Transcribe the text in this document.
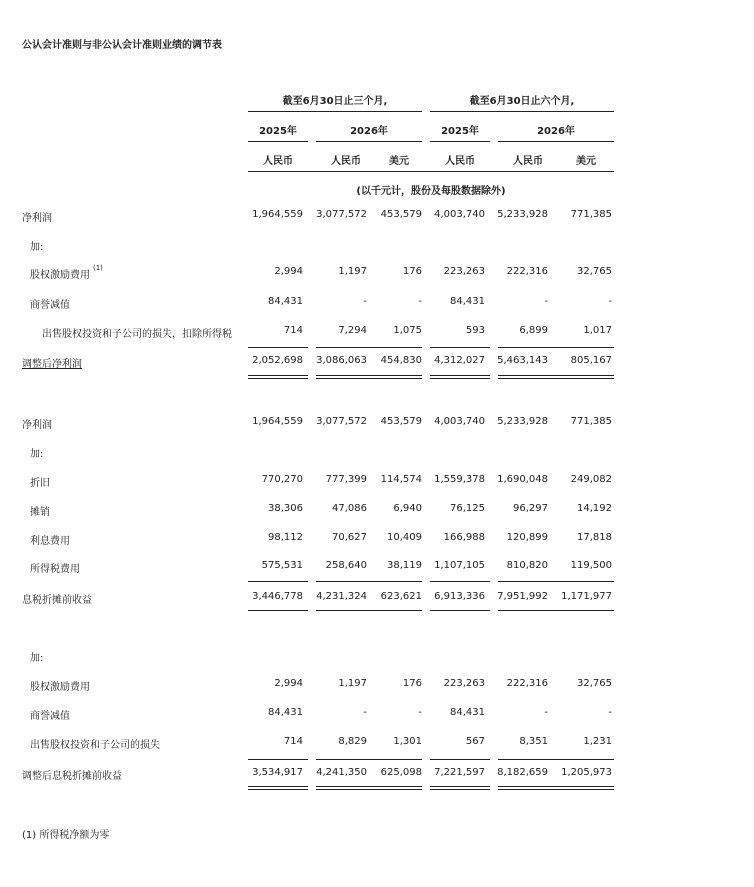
公认会计准则与非公认会计准则业绩的调节表
截至6月30日止三个月,	截至6月30日止六个月,
2025年	2026年	2025年	2026年
人民币	人民币	美元	人民币	人民币	美元
(以千元计，股份及每股数据除外)
净利润	1,964,559	3,077,572	453,579	4,003,740	5,233,928	771,385
加:
股权激励费用$^{(1)}$	2,994	1,197	176	223,263	222,316	32,765
商誉减值	84,431	-	-	84,431	-	-
出售股权投资和子公司的损失，扣除所得税	714	7,294	1,075	593	6,899	1,017
调整后净利润	2,052,698	3,086,063	454,830	4,312,027	5,463,143	805,167
净利润	1,964,559	3,077,572	453,579	4,003,740	5,233,928	771,385
加:
折旧	770,270	777,399	114,574	1,559,378	1,690,048	249,082
摊销	38,306	47,086	6,940	76,125	96,297	14,192
利息费用	98,112	70,627	10,409	166,988	120,899	17,818
所得税费用	575,531	258,640	38,119	1,107,105	810,820	119,500
息税折摊前收益	3,446,778	4,231,324	623,621	6,913,336	7,951,992	1,171,977
加:
股权激励费用	2,994	1,197	176	223,263	222,316	32,765
商誉减值	84,431	-	-	84,431	-	-
出售股权投资和子公司的损失	714	8,829	1,301	567	8,351	1,231
调整后息税折摊前收益	3,534,917	4,241,350	625,098	7,221,597	8,182,659	1,205,973
(1) 所得税净额为零
